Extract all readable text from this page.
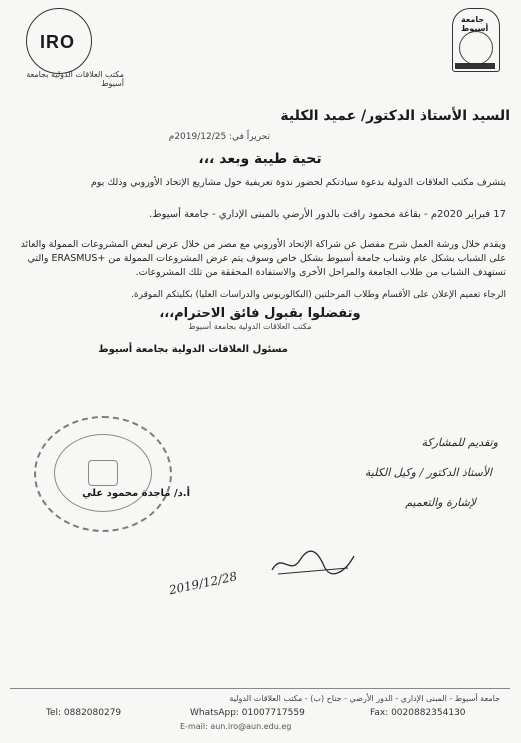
IRO
مكتب العلاقات الدولية بجامعة أسيوط
جامعة أسيوط
السيد الأستاذ الدكتور/ عميد الكلية
تحريراً في: 2019/12/25م
تحية طيبة وبعد ،،،
يتشرف مكتب العلاقات الدولية بدعوة سيادتكم لحضور ندوة تعريفية حول مشاريع الإتحاد الأوروبي وذلك يوم
17 فبراير 2020م - بقاعة محمود رافت بالدور الأرضي بالمبنى الإداري - جامعة أسيوط.
ويقدم خلال ورشة العمل شرح مفصل عن شراكة الإتحاد الأوروبي مع مصر من خلال عرض لبعض المشروعات الممولة والعائد على الشباب بشكل عام وشباب جامعة أسيوط بشكل خاص وسوف يتم عرض المشروعات الممولة من +ERASMUS والتي تستهدف الشباب من طلاب الجامعة والمراحل الأخرى والاستفادة المحققة من تلك المشروعات.
الرجاء تعميم الإعلان على الأقسام وطلاب المرحلتين (البكالوريوس والدراسات العليا) بكليتكم الموقرة.
وتفضلوا بقبول فائق الاحترام،،،
مكتب العلاقات الدولية بجامعة أسيوط
مسئول العلاقات الدولية بجامعة أسيوط
أ.د/ ماجدة محمود علي
وتقديم للمشاركة
الأستاذ الدكتور / وكيل الكلية
لإشارة والتعميم
2019/12/28
جامعة أسيوط - المبنى الإداري - الدور الأرضي - جناح (ب) - مكتب العلاقات الدولية
Tel: 0882080279	WhatsApp: 01007717559	Fax: 0020882354130
E-mail: aun.iro@aun.edu.eg
